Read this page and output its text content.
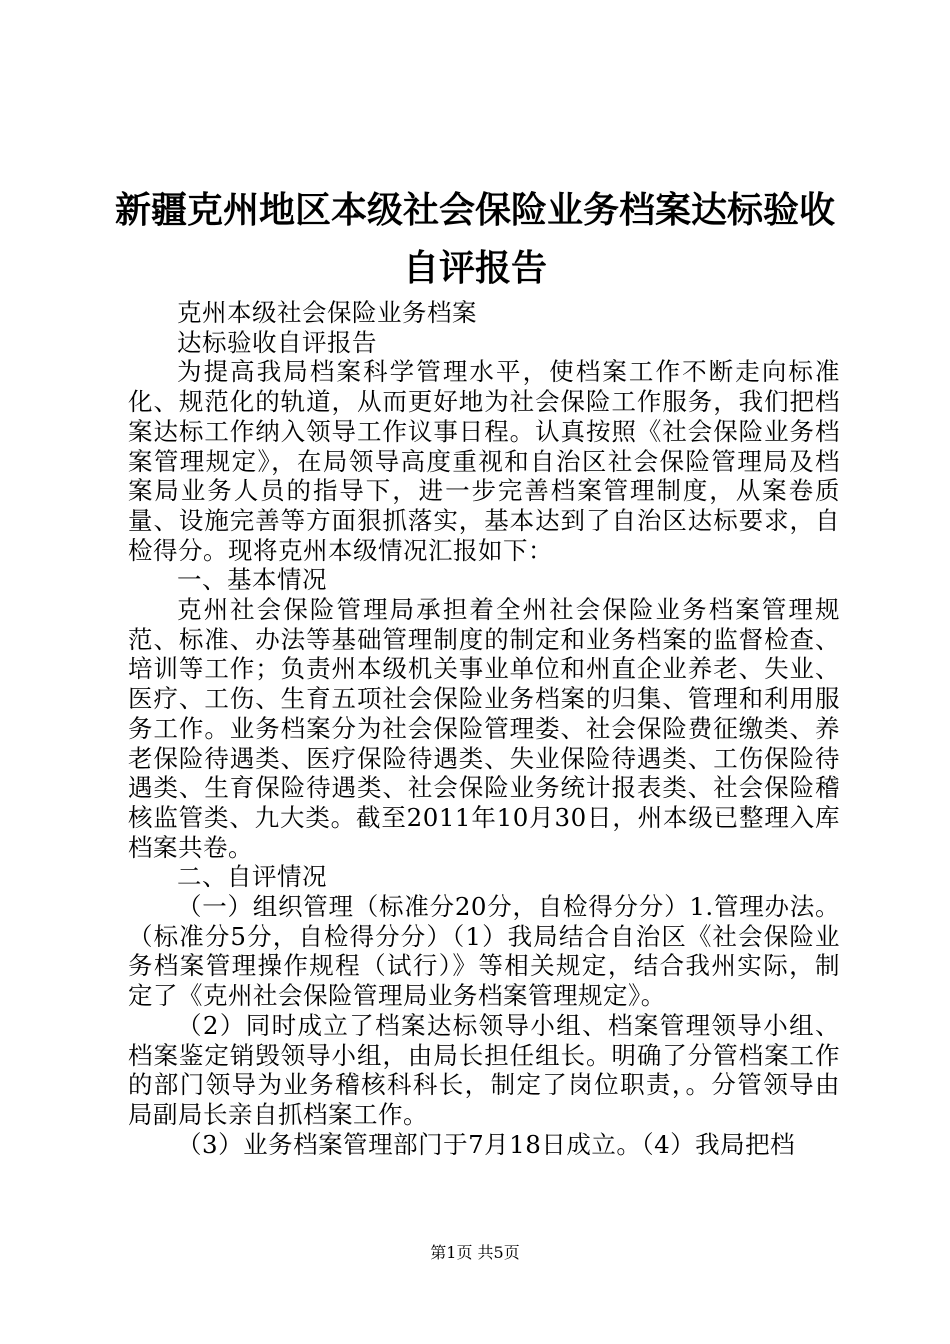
新疆克州地区本级社会保险业务档案达标验收自评报告

克州本级社会保险业务档案

达标验收自评报告

为提高我局档案科学管理水平，使档案工作不断走向标准化、规范化的轨道，从而更好地为社会保险工作服务，我们把档案达标工作纳入领导工作议事日程。认真按照《社会保险业务档案管理规定》，在局领导高度重视和自治区社会保险管理局及档案局业务人员的指导下，进一步完善档案管理制度，从案卷质量、设施完善等方面狠抓落实，基本达到了自治区达标要求，自检得分。现将克州本级情况汇报如下：

一、基本情况

克州社会保险管理局承担着全州社会保险业务档案管理规范、标准、办法等基础管理制度的制定和业务档案的监督检查、培训等工作；负责州本级机关事业单位和州直企业养老、失业、医疗、工伤、生育五项社会保险业务档案的归集、管理和利用服务工作。业务档案分为社会保险管理娄、社会保险费征缴类、养老保险待遇类、医疗保险待遇类、失业保险待遇类、工伤保险待遇类、生育保险待遇类、社会保险业务统计报表类、社会保险稽核监管类、九大类。截至2011年10月30日，州本级已整理入库档案共卷。

二、自评情况

（一）组织管理（标准分20分，自检得分分）1.管理办法。（标准分5分，自检得分分）（1）我局结合自治区《社会保险业务档案管理操作规程（试行）》等相关规定，结合我州实际，制定了《克州社会保险管理局业务档案管理规定》。

（2）同时成立了档案达标领导小组、档案管理领导小组、档案鉴定销毁领导小组，由局长担任组长。明确了分管档案工作的部门领导为业务稽核科科长，制定了岗位职责，。分管领导由局副局长亲自抓档案工作。

（3）业务档案管理部门于7月18日成立。（4）我局把档

第1页 共5页
